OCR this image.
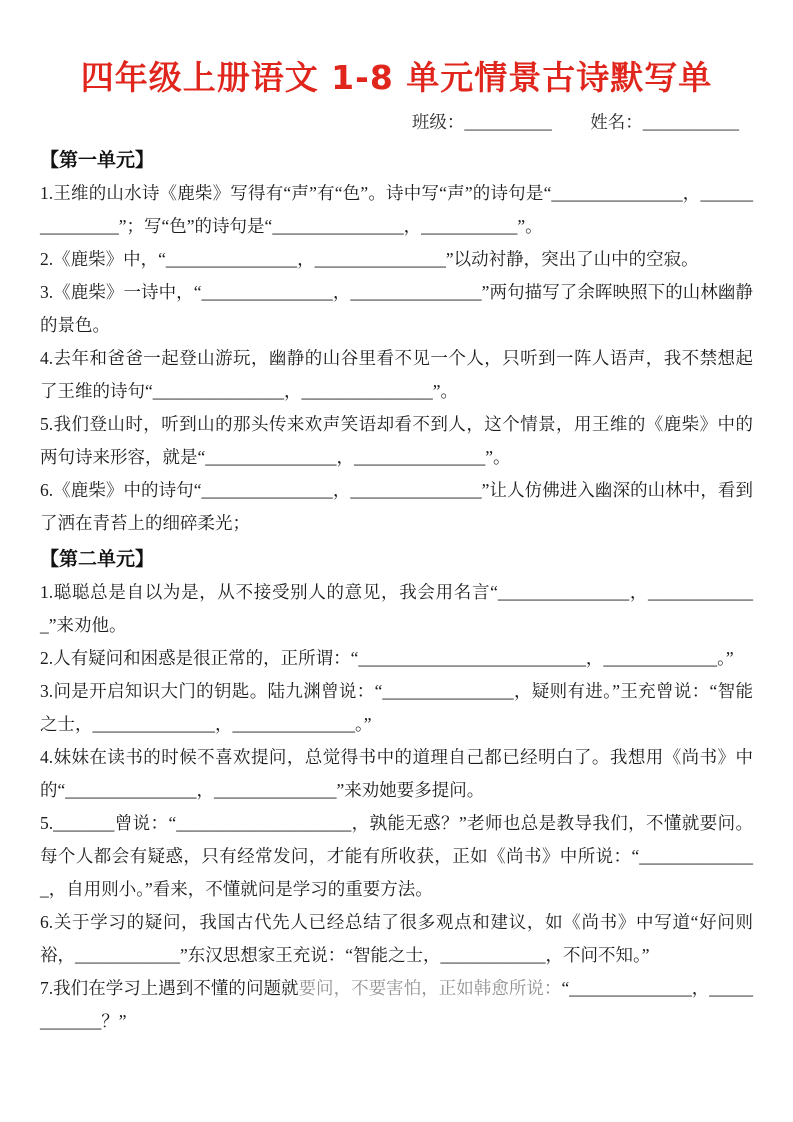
四年级上册语文 1-8 单元情景古诗默写单
班级：__________ 姓名：___________
【第一单元】

1.王维的山水诗《鹿柴》写得有“声”有“色”。诗中写“声”的诗句是“_______________，_______________”；写“色”的诗句是“_______________，___________”。

2.《鹿柴》中，“_______________，_______________”以动衬静，突出了山中的空寂。

3.《鹿柴》一诗中，“_______________，_______________”两句描写了余晖映照下的山林幽静的景色。

4.去年和爸爸一起登山游玩，幽静的山谷里看不见一个人，只听到一阵人语声，我不禁想起了王维的诗句“_______________，_______________”。

5.我们登山时，听到山的那头传来欢声笑语却看不到人，这个情景，用王维的《鹿柴》中的两句诗来形容，就是“_______________，_______________”。

6.《鹿柴》中的诗句“_______________，_______________”让人仿佛进入幽深的山林中，看到了洒在青苔上的细碎柔光；

【第二单元】

1.聪聪总是自以为是，从不接受别人的意见，我会用名言“_______________，_____________”来劝他。

2.人有疑问和困惑是很正常的，正所谓：“__________________________，_____________。”

3.问是开启知识大门的钥匙。陆九渊曾说：“_______________，疑则有进。”王充曾说：“智能之士，______________，______________。”

4.妹妹在读书的时候不喜欢提问，总觉得书中的道理自己都已经明白了。我想用《尚书》中的“_______________，______________”来劝她要多提问。

5._______曾说：“____________________，孰能无惑？”老师也总是教导我们，不懂就要问。每个人都会有疑惑，只有经常发问，才能有所收获，正如《尚书》中所说：“______________，自用则小。”看来，不懂就问是学习的重要方法。

6.关于学习的疑问，我国古代先人已经总结了很多观点和建议，如《尚书》中写道“好问则裕，____________”东汉思想家王充说：“智能之士，____________，不问不知。”

7.我们在学习上遇到不懂的问题就要问，不要害怕，正如韩愈所说：“______________，____________？”
